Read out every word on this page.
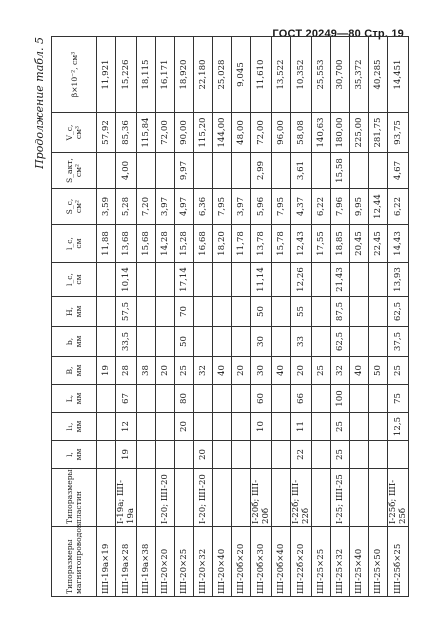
ГОСТ 20249—80 Стр. 19
Продолжение табл. 5
Типоразмеры магнитопроводов	Типоразмеры пластин	l, мм	l₁, мм	L, мм	B, мм	b, мм	H, мм	l_c, см	l_с, см	S_c, см²	S_акт, см²	V_c, см³	β×10⁻², см³

ШI-19а×19					19				11,88	3,59		57,92	11,921
ШI-19а×28	I-19а; ШI-19а	19	12	67	28	33,5	57,5	10,14	13,68	5,28	4,00	85,36	15,226
ШI-19а×38					38				15,68	7,20		115,84	18,115
ШI-20×20	I-20; ШI-20				20				14,28	3,97		72,00	16,171
ШI-20×25			20	80	25	50	70	17,14	15,28	4,97	9,97	90,00	18,920
ШI-20×32	I-20; ШI-20	20			32				16,68	6,36		115,20	22,180
ШI-20×40					40				18,20	7,95		144,00	25,028
ШI-20б×20					20				11,78	3,97		48,00	9,045
ШI-20б×30	I-20б; ШI-20б		10	60	30	30	50	11,14	13,78	5,96	2,99	72,00	11,610
ШI-20б×40					40				15,78	7,95		96,00	13,522
ШI-22б×20	I-22б; ШI-22б	22	11	66	20	33	55	12,26	12,43	4,37	3,61	58,08	10,352
ШI-25×25					25				17,55	6,22		140,63	25,553
ШI-25×32	I-25; ШI-25	25	25	100	32	62,5	87,5	21,43	18,85	7,96	15,58	180,00	30,700
ШI-25×40					40				20,45	9,95		225,00	35,372
ШI-25×50					50				22,45	12,44		281,75	40,285
ШI-25б×25	I-25б; ШI-25б		12,5	75	25	37,5	62,5	13,93	14,43	6,22	4,67	93,75	14,451
